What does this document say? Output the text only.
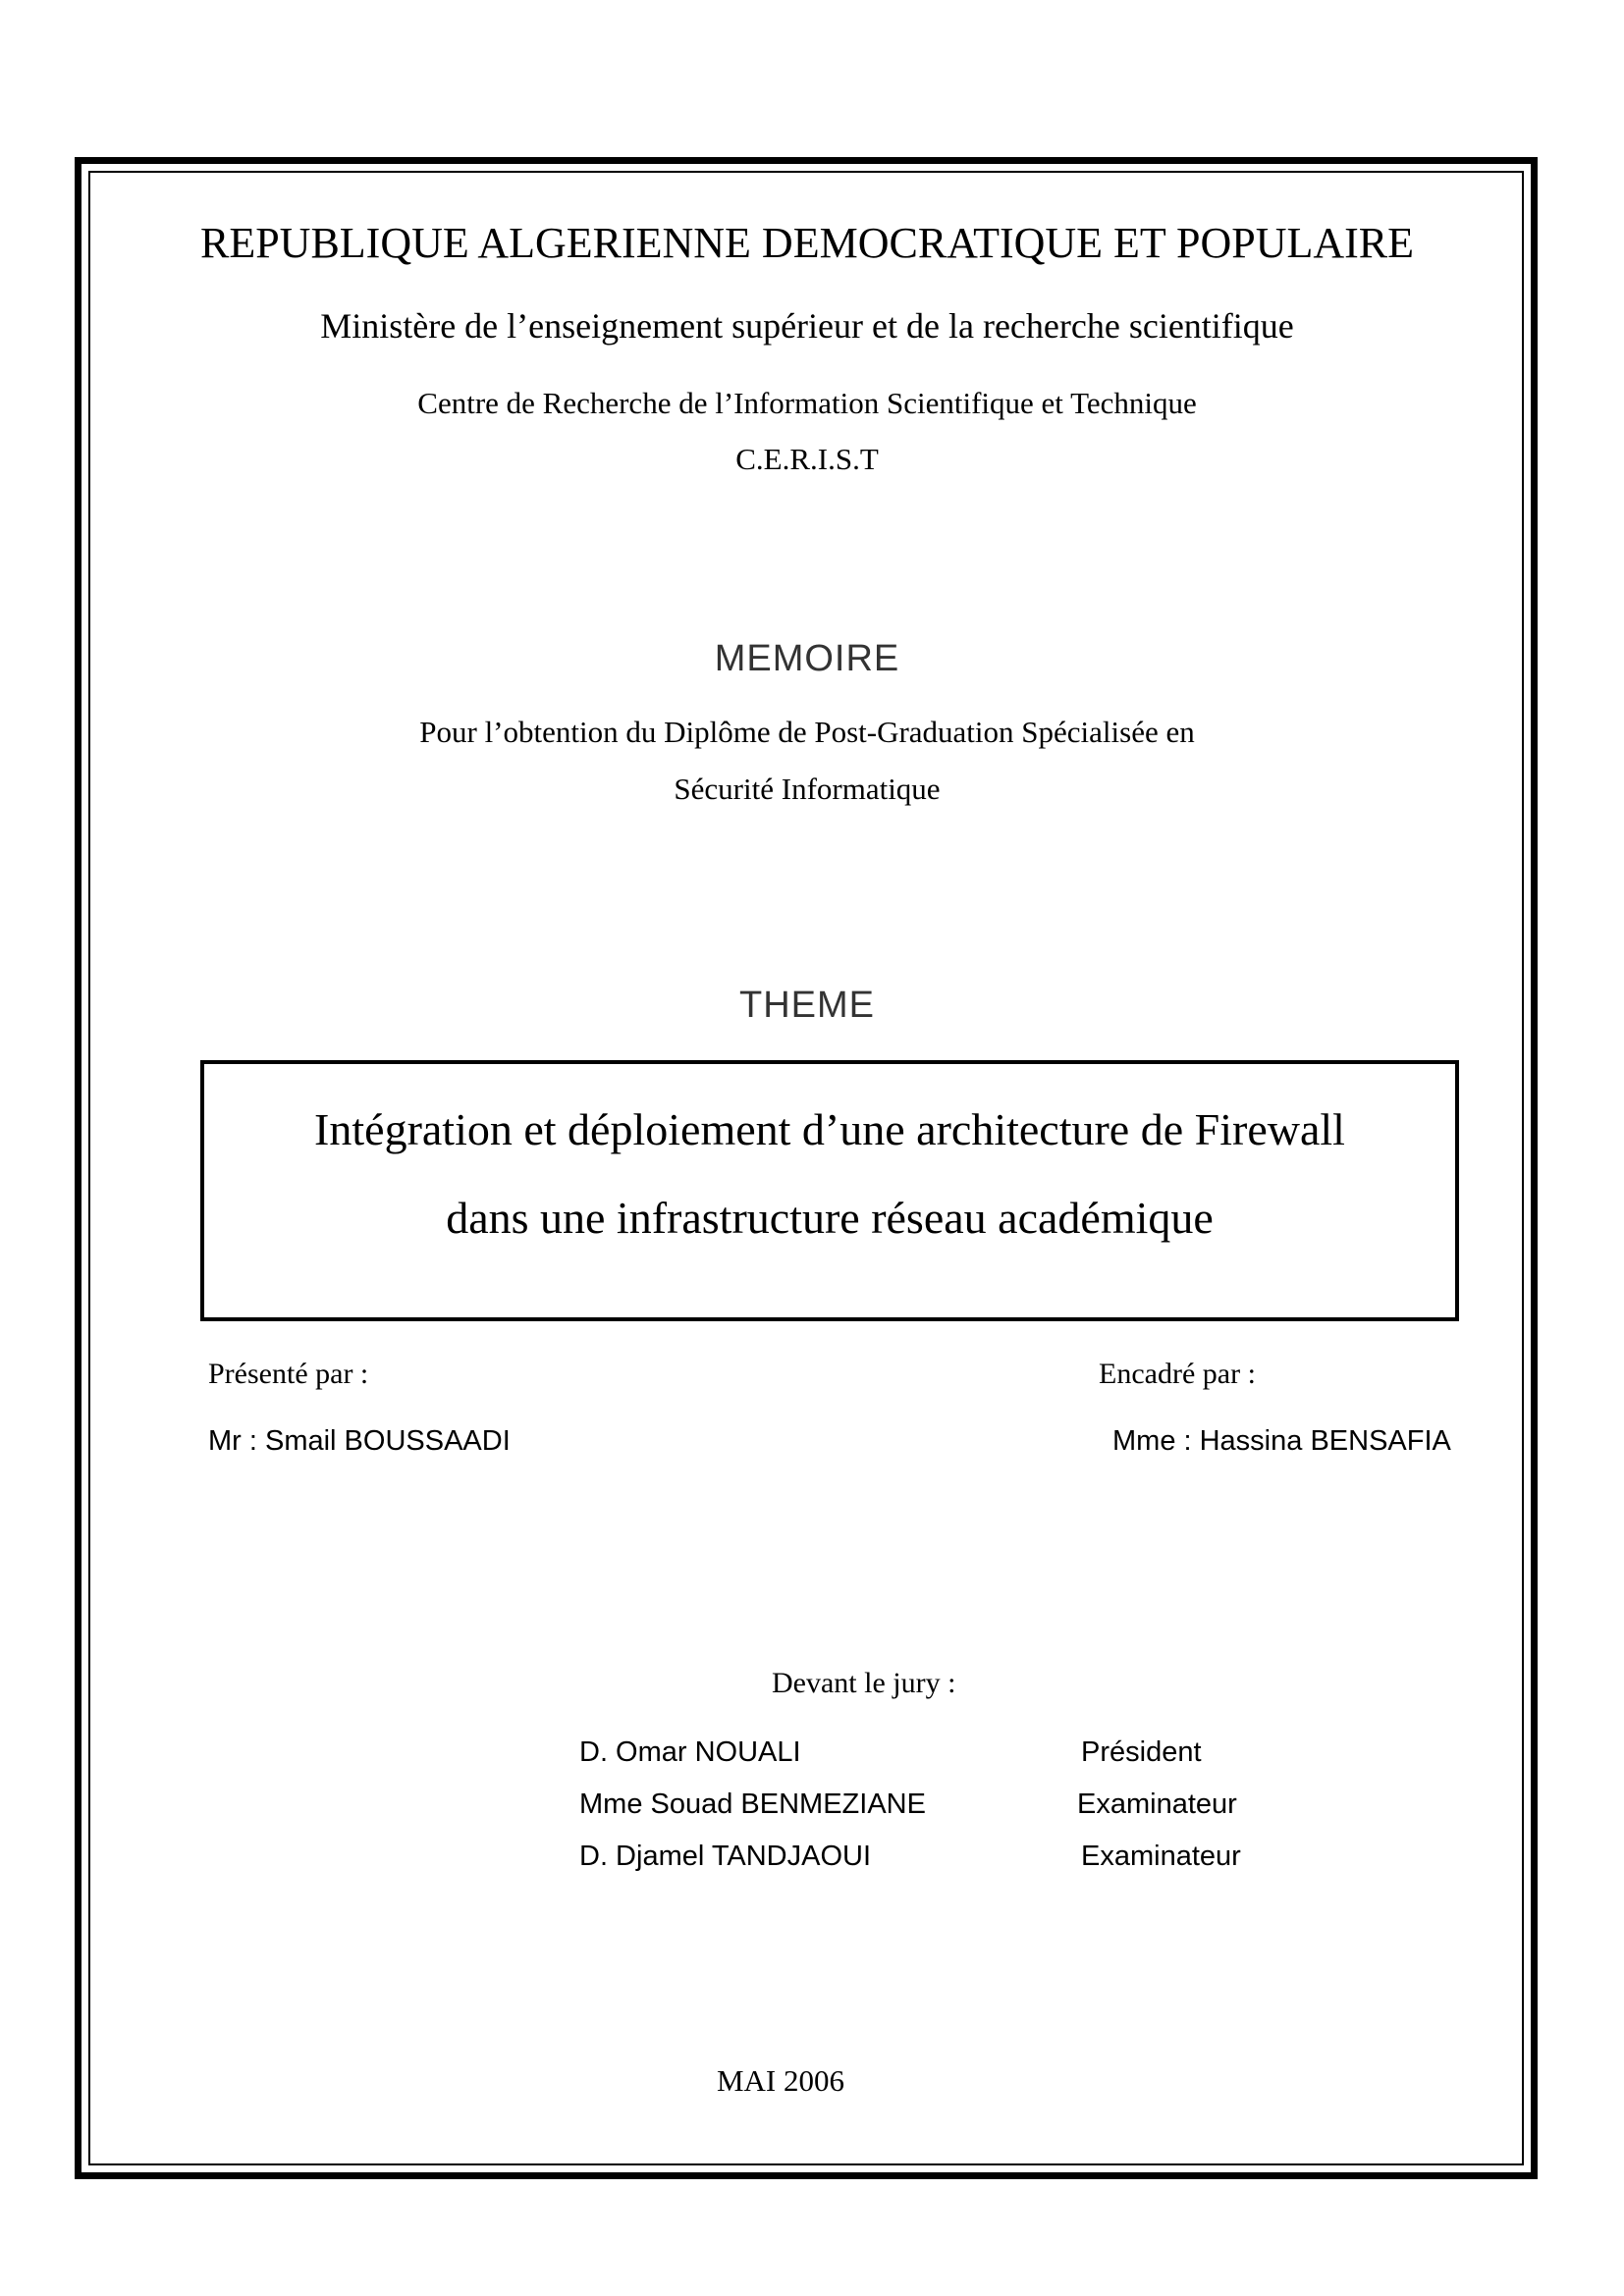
REPUBLIQUE ALGERIENNE DEMOCRATIQUE ET POPULAIRE
Ministère de l’enseignement supérieur et de la recherche scientifique
Centre de Recherche de l’Information Scientifique et Technique
C.E.R.I.S.T
MEMOIRE
Pour l’obtention du Diplôme de Post-Graduation Spécialisée en
Sécurité Informatique
THEME
Intégration et déploiement d’une architecture de Firewall
dans une infrastructure réseau académique
Présenté par :	Encadré par :
Mr : Smail BOUSSAADI	Mme : Hassina BENSAFIA
Devant le jury :
D. Omar NOUALI	Président
Mme Souad BENMEZIANE	Examinateur
D. Djamel TANDJAOUI	Examinateur
MAI 2006
